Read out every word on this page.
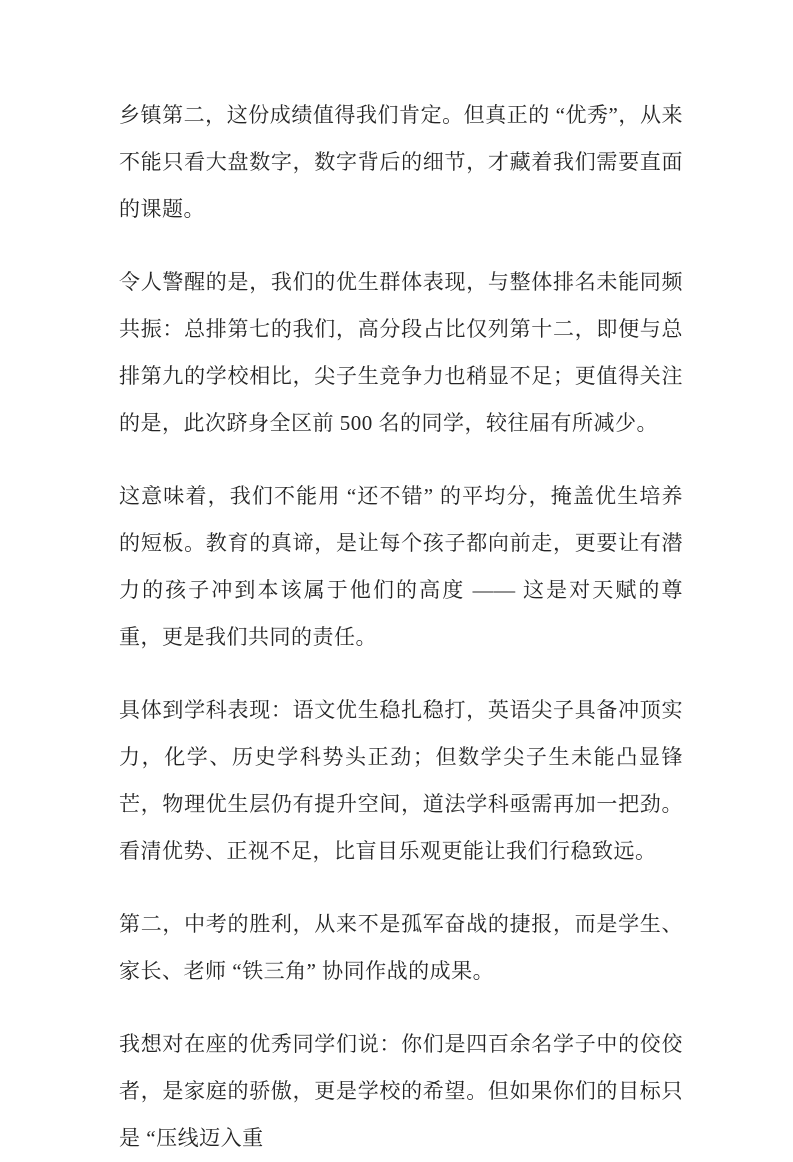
乡镇第二，这份成绩值得我们肯定。但真正的 “优秀”，从来不能只看大盘数字，数字背后的细节，才藏着我们需要直面的课题。

令人警醒的是，我们的优生群体表现，与整体排名未能同频共振：总排第七的我们，高分段占比仅列第十二，即便与总排第九的学校相比，尖子生竞争力也稍显不足；更值得关注的是，此次跻身全区前 500 名的同学，较往届有所减少。

这意味着，我们不能用 “还不错” 的平均分，掩盖优生培养的短板。教育的真谛，是让每个孩子都向前走，更要让有潜力的孩子冲到本该属于他们的高度 —— 这是对天赋的尊重，更是我们共同的责任。

具体到学科表现：语文优生稳扎稳打，英语尖子具备冲顶实力，化学、历史学科势头正劲；但数学尖子生未能凸显锋芒，物理优生层仍有提升空间，道法学科亟需再加一把劲。看清优势、正视不足，比盲目乐观更能让我们行稳致远。

第二，中考的胜利，从来不是孤军奋战的捷报，而是学生、家长、老师 “铁三角” 协同作战的成果。

我想对在座的优秀同学们说：你们是四百余名学子中的佼佼者，是家庭的骄傲，更是学校的希望。但如果你们的目标只是 “压线迈入重
